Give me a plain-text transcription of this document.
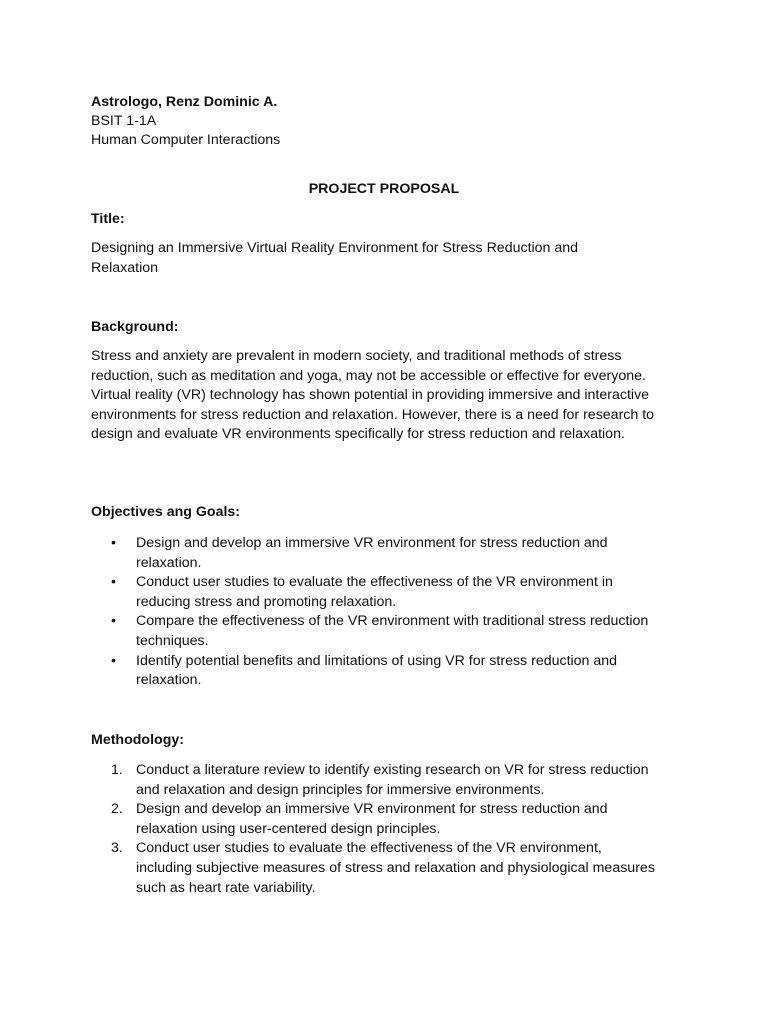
Astrologo, Renz Dominic A.

BSIT 1-1A

Human Computer Interactions

PROJECT PROPOSAL

Title:

Designing an Immersive Virtual Reality Environment for Stress Reduction and Relaxation

Background:

Stress and anxiety are prevalent in modern society, and traditional methods of stress reduction, such as meditation and yoga, may not be accessible or effective for everyone. Virtual reality (VR) technology has shown potential in providing immersive and interactive environments for stress reduction and relaxation. However, there is a need for research to design and evaluate VR environments specifically for stress reduction and relaxation.

Objectives ang Goals:

• Design and develop an immersive VR environment for stress reduction and relaxation.
• Conduct user studies to evaluate the effectiveness of the VR environment in reducing stress and promoting relaxation.
• Compare the effectiveness of the VR environment with traditional stress reduction techniques.
• Identify potential benefits and limitations of using VR for stress reduction and relaxation.

Methodology:

1. Conduct a literature review to identify existing research on VR for stress reduction and relaxation and design principles for immersive environments.
2. Design and develop an immersive VR environment for stress reduction and relaxation using user-centered design principles.
3. Conduct user studies to evaluate the effectiveness of the VR environment, including subjective measures of stress and relaxation and physiological measures such as heart rate variability.
